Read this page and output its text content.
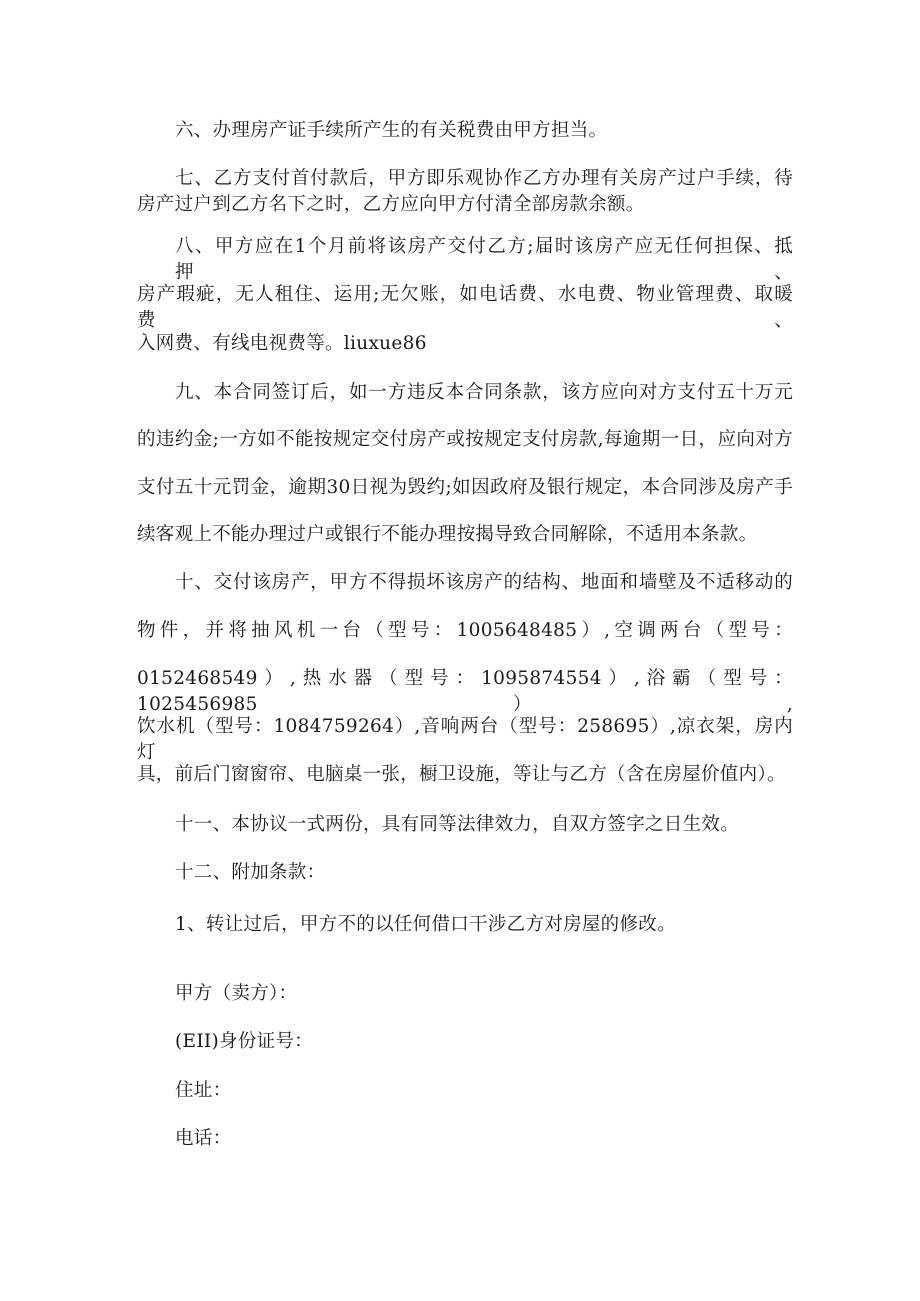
六、办理房产证手续所产生的有关税费由甲方担当。

七、乙方支付首付款后，甲方即乐观协作乙方办理有关房产过户手续，待

房产过户到乙方名下之时，乙方应向甲方付清全部房款余额。

八、甲方应在1个月前将该房产交付乙方;届时该房产应无任何担保、抵押、

房产瑕疵，无人租住、运用;无欠账，如电话费、水电费、物业管理费、取暖费、

入网费、有线电视费等。liuxue86

九、本合同签订后，如一方违反本合同条款，该方应向对方支付五十万元

的违约金;一方如不能按规定交付房产或按规定支付房款,每逾期一日，应向对方

支付五十元罚金，逾期30日视为毁约;如因政府及银行规定，本合同涉及房产手

续客观上不能办理过户或银行不能办理按揭导致合同解除，不适用本条款。

十、交付该房产，甲方不得损坏该房产的结构、地面和墙壁及不适移动的

物件，并将抽风机一台（型号：1005648485）,空调两台（型号：

0152468549）,热水器（型号：1095874554）,浴霸（型号：1025456985）,

饮水机（型号：1084759264）,音响两台（型号：258695）,凉衣架，房内灯

具，前后门窗窗帘、电脑桌一张，橱卫设施，等让与乙方（含在房屋价值内）。

十一、本协议一式两份，具有同等法律效力，自双方签字之日生效。

十二、附加条款：

1、转让过后，甲方不的以任何借口干涉乙方对房屋的修改。

甲方（卖方）：

(EII)身份证号：

住址：

电话：
